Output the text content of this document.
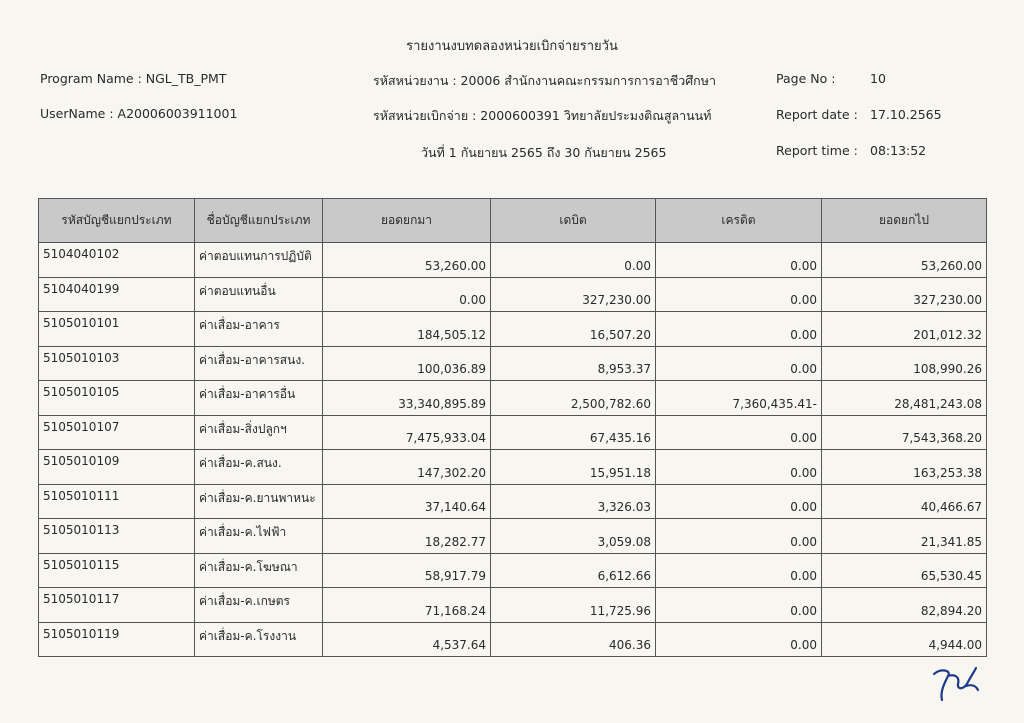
รายงานงบทดลองหน่วยเบิกจ่ายรายวัน
Program Name : NGL_TB_PMT
UserName : A20006003911001
รหัสหน่วยงาน : 20006 สำนักงานคณะกรรมการการอาชีวศึกษา
รหัสหน่วยเบิกจ่าย : 2000600391 วิทยาลัยประมงติณสูลานนท์
วันที่ 1 กันยายน 2565 ถึง 30 กันยายน 2565
Page No :	10
Report date : 17.10.2565
Report time : 08:13:52
รหัสบัญชีแยกประเภท	ชื่อบัญชีแยกประเภท	ยอดยกมา	เดบิต	เครดิต	ยอดยกไป
5104040102	ค่าตอบแทนการปฏิบัติ	53,260.00	0.00	0.00	53,260.00
5104040199	ค่าตอบแทนอื่น	0.00	327,230.00	0.00	327,230.00
5105010101	ค่าเสื่อม-อาคาร	184,505.12	16,507.20	0.00	201,012.32
5105010103	ค่าเสื่อม-อาคารสนง.	100,036.89	8,953.37	0.00	108,990.26
5105010105	ค่าเสื่อม-อาคารอื่น	33,340,895.89	2,500,782.60	7,360,435.41-	28,481,243.08
5105010107	ค่าเสื่อม-สิ่งปลูกฯ	7,475,933.04	67,435.16	0.00	7,543,368.20
5105010109	ค่าเสื่อม-ค.สนง.	147,302.20	15,951.18	0.00	163,253.38
5105010111	ค่าเสื่อม-ค.ยานพาหนะ	37,140.64	3,326.03	0.00	40,466.67
5105010113	ค่าเสื่อม-ค.ไฟฟ้า	18,282.77	3,059.08	0.00	21,341.85
5105010115	ค่าเสื่อม-ค.โฆษณา	58,917.79	6,612.66	0.00	65,530.45
5105010117	ค่าเสื่อม-ค.เกษตร	71,168.24	11,725.96	0.00	82,894.20
5105010119	ค่าเสื่อม-ค.โรงงาน	4,537.64	406.36	0.00	4,944.00
